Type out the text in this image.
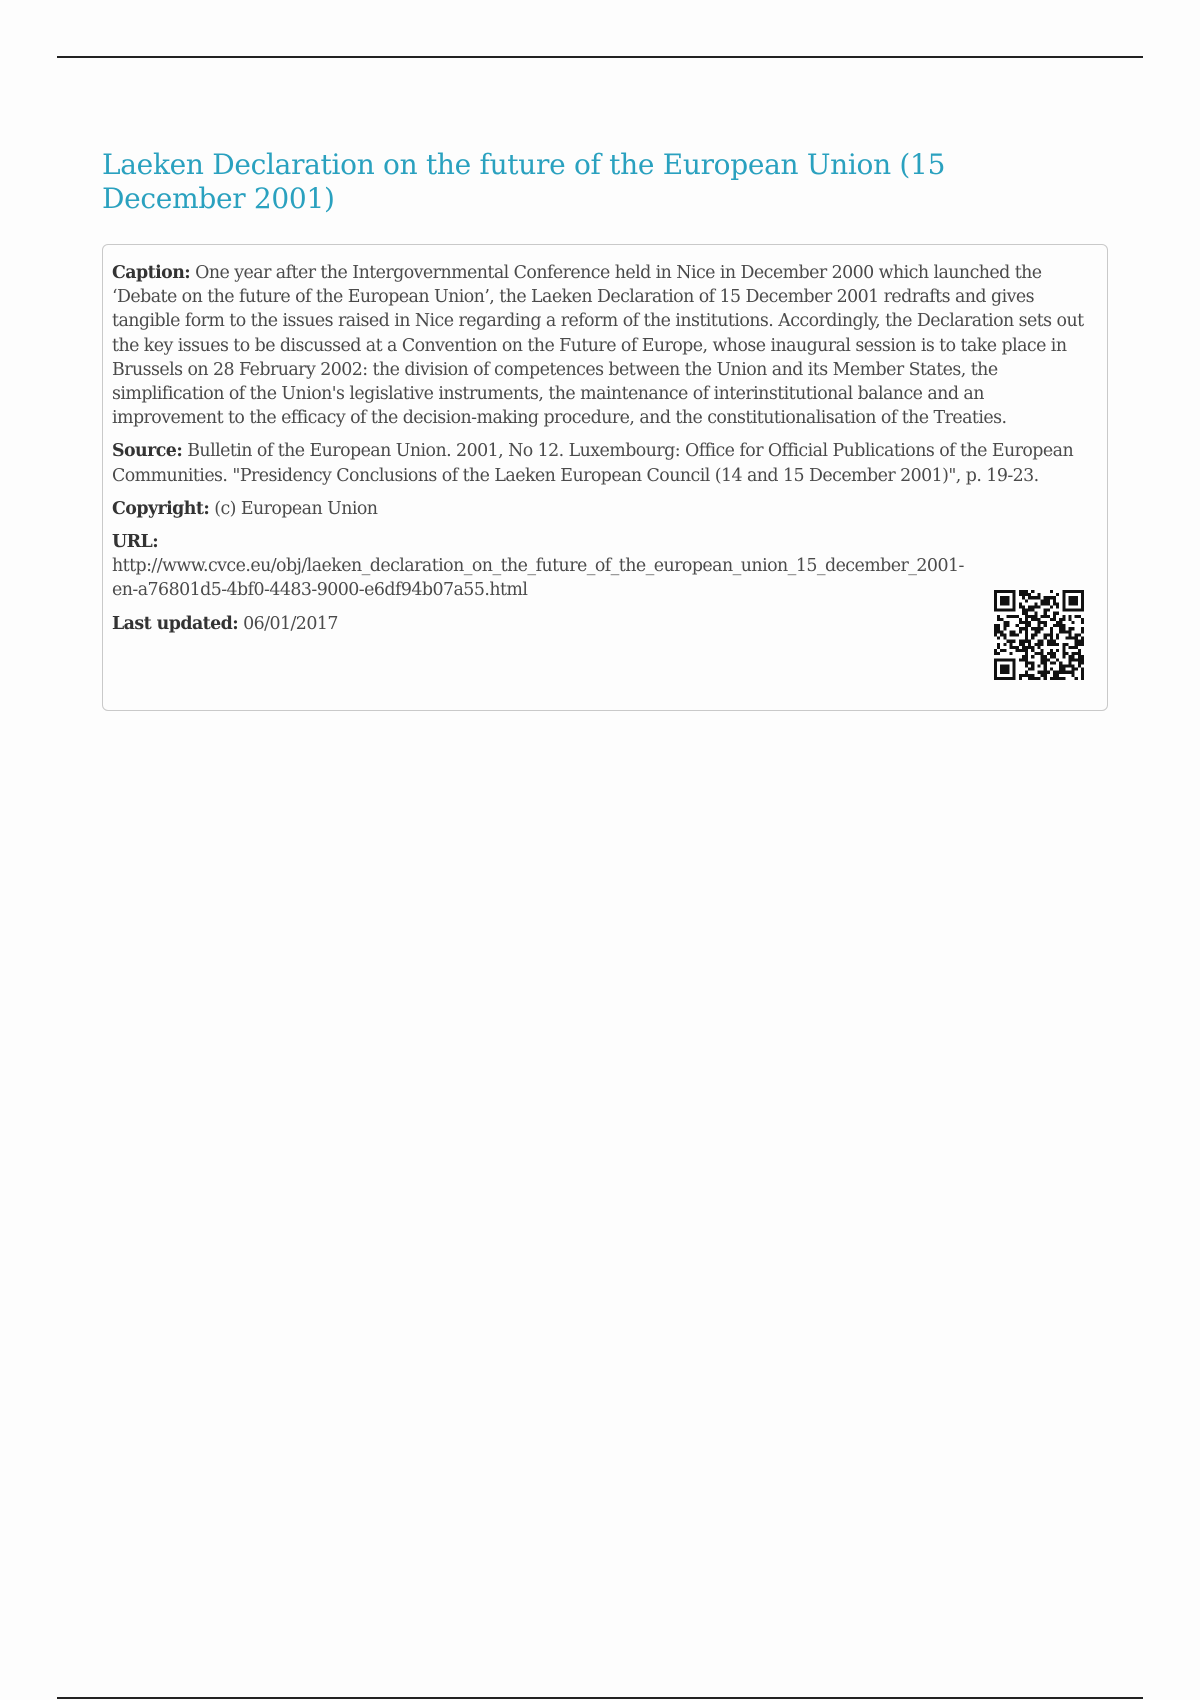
Laeken Declaration on the future of the European Union (15 December 2001)

Caption: One year after the Intergovernmental Conference held in Nice in December 2000 which launched the ‘Debate on the future of the European Union’, the Laeken Declaration of 15 December 2001 redrafts and gives tangible form to the issues raised in Nice regarding a reform of the institutions. Accordingly, the Declaration sets out the key issues to be discussed at a Convention on the Future of Europe, whose inaugural session is to take place in Brussels on 28 February 2002: the division of competences between the Union and its Member States, the simplification of the Union's legislative instruments, the maintenance of interinstitutional balance and an improvement to the efficacy of the decision-making procedure, and the constitutionalisation of the Treaties.

Source: Bulletin of the European Union. 2001, No 12. Luxembourg: Office for Official Publications of the European Communities. "Presidency Conclusions of the Laeken European Council (14 and 15 December 2001)", p. 19-23.

Copyright: (c) European Union

URL:

http://www.cvce.eu/obj/laeken_declaration_on_the_future_of_the_european_union_15_december_2001-en-a76801d5-4bf0-4483-9000-e6df94b07a55.html

Last updated: 06/01/2017
